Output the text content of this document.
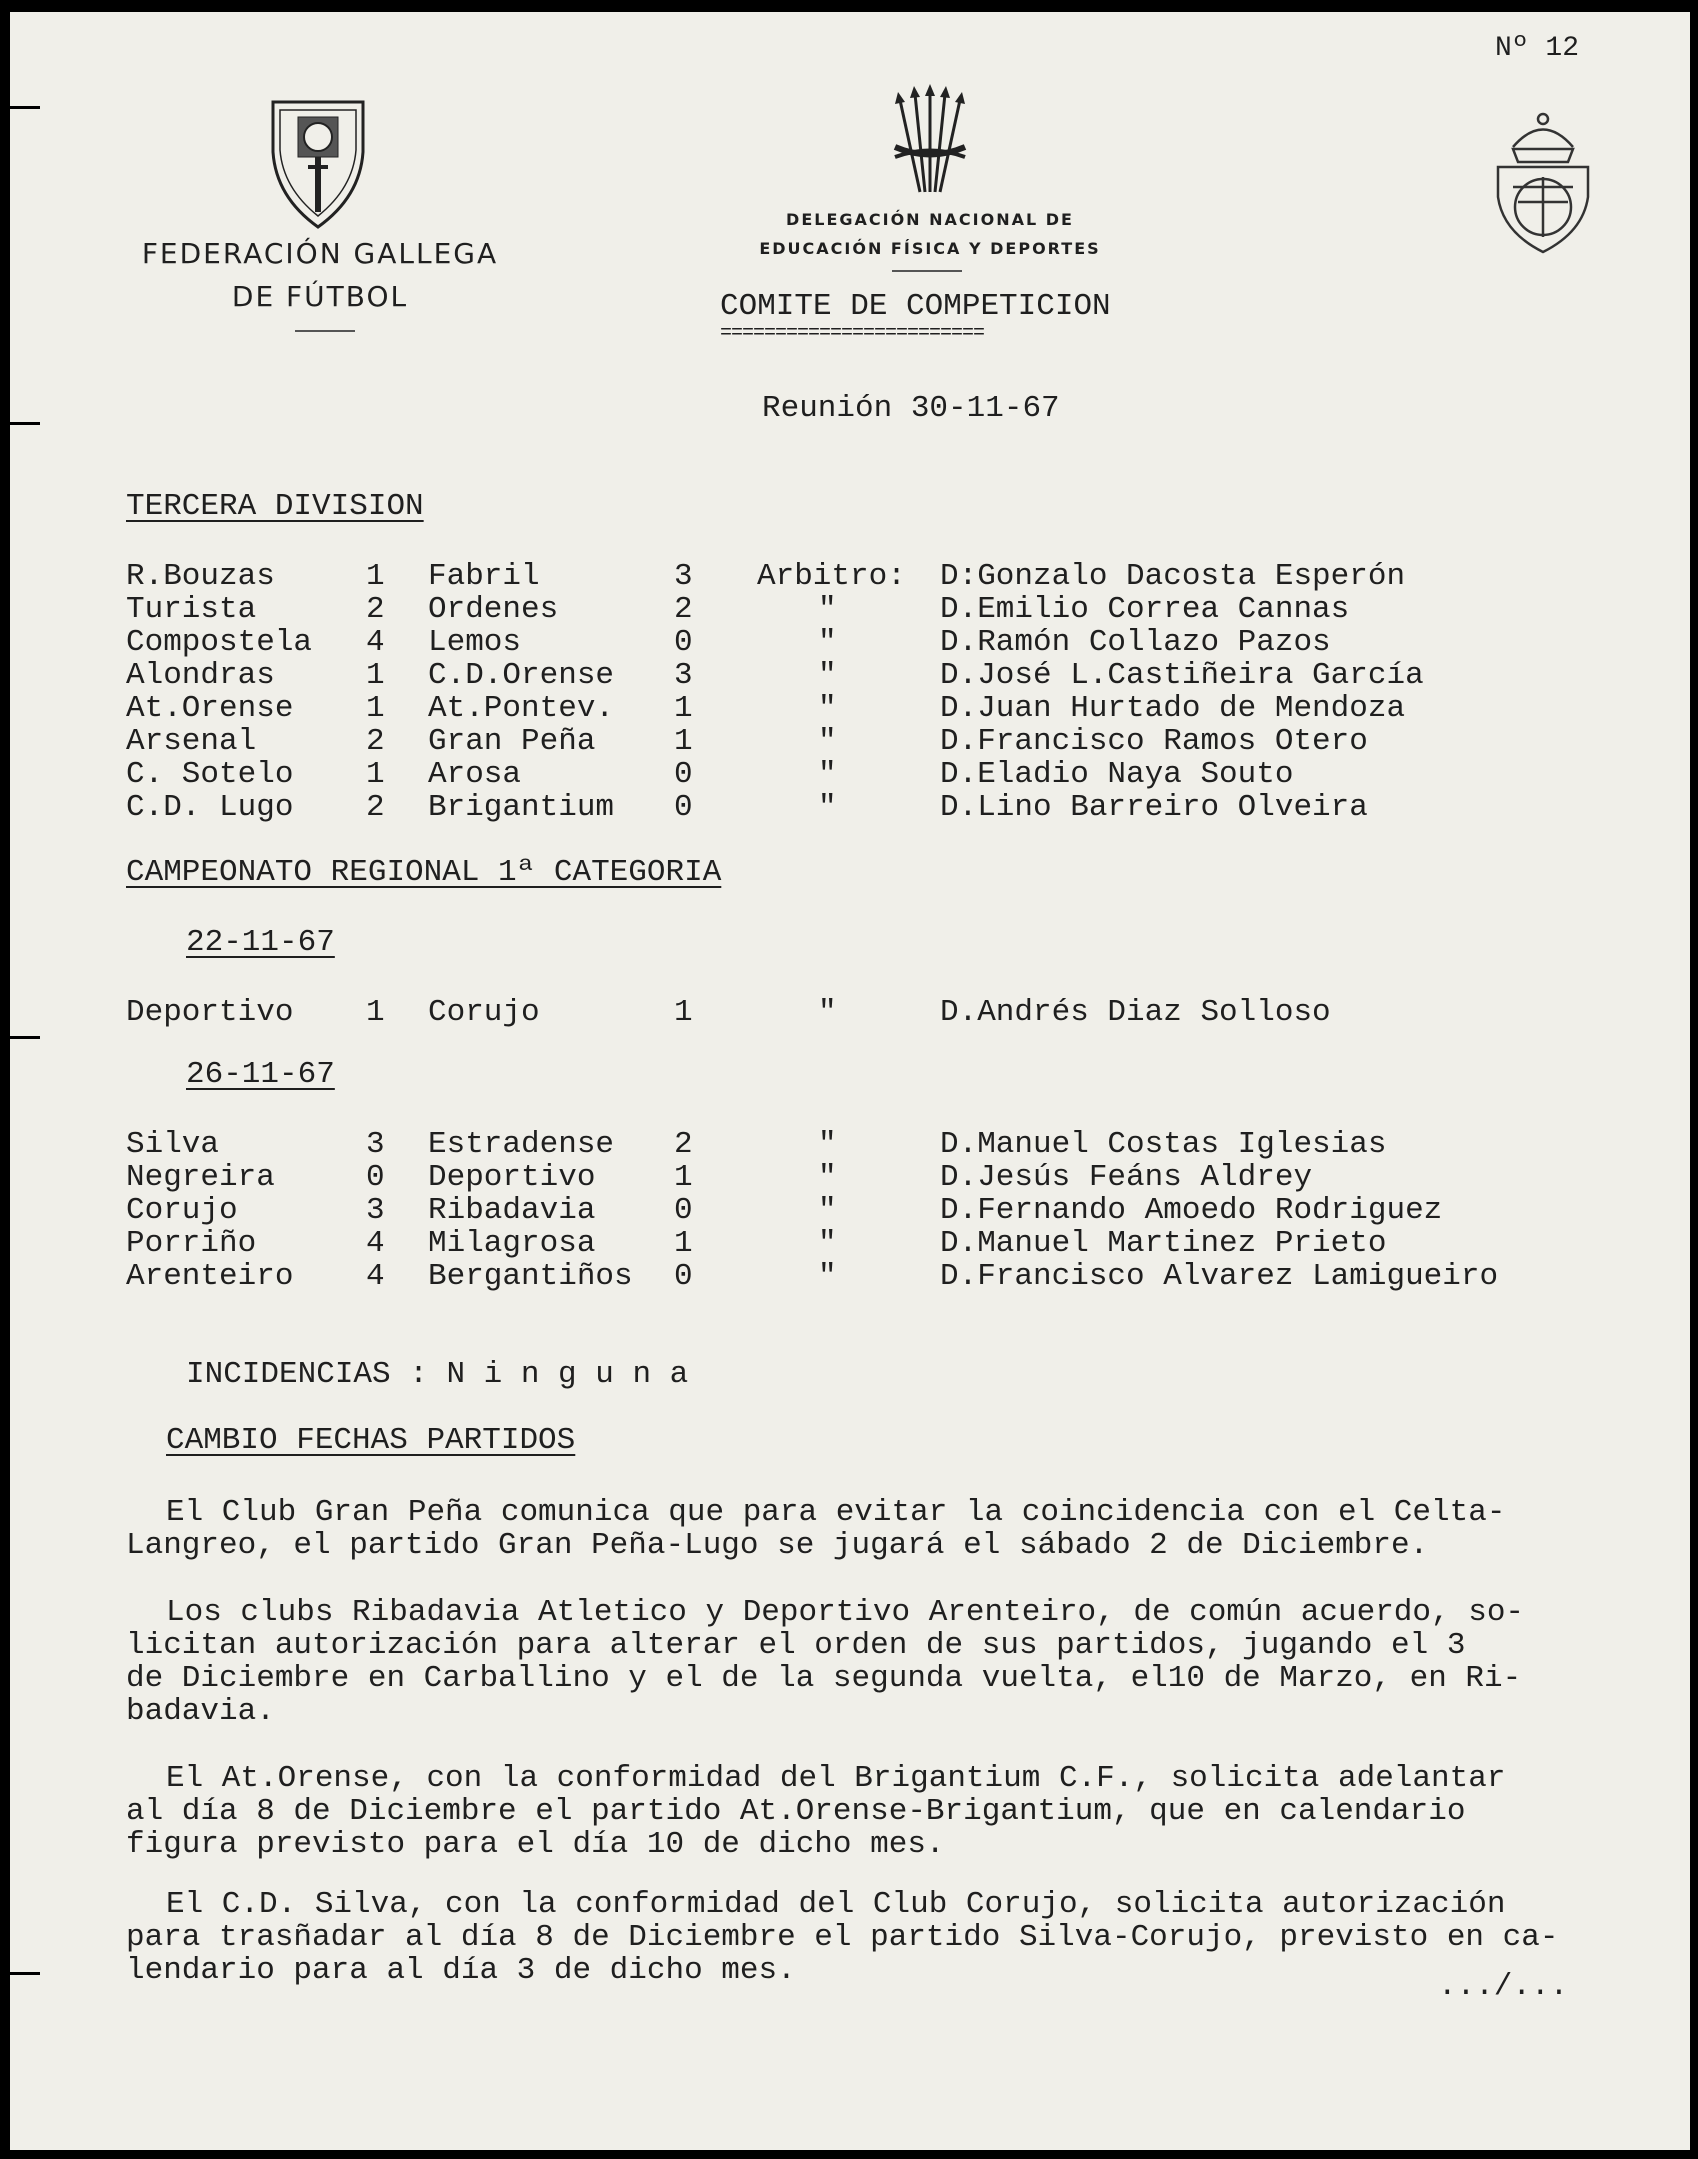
Nº 12
FEDERACIÓN GALLEGA
DE FÚTBOL
DELEGACIÓN NACIONAL DE
EDUCACIÓN FÍSICA Y DEPORTES
COMITE DE COMPETICION
========================
Reunión 30-11-67
TERCERA DIVISION
R.Bouzas	1 Fabril	3 Arbitro: D:Gonzalo Dacosta Esperón
Turista	2 Ordenes	2	"	D.Emilio Correa Cannas
Compostela 4 Lemos	0	"	D.Ramón Collazo Pazos
Alondras	1 C.D.Orense 3	"	D.José L.Castiñeira García
At.Orense 1 At.Pontev. 1	"	D.Juan Hurtado de Mendoza
Arsenal	2 Gran Peña	1	"	D.Francisco Ramos Otero
C. Sotelo 1 Arosa	0	"	D.Eladio Naya Souto
C.D. Lugo 2 Brigantium 0	"	D.Lino Barreiro Olveira
CAMPEONATO REGIONAL 1ª CATEGORIA
22-11-67
Deportivo 1 Corujo	1	"	D.Andrés Diaz Solloso
26-11-67
Silva	3 Estradense 2	"	D.Manuel Costas Iglesias
Negreira	0 Deportivo	1	"	D.Jesús Feáns Aldrey
Corujo	3 Ribadavia	0	"	D.Fernando Amoedo Rodriguez
Porriño	4 Milagrosa	1	"	D.Manuel Martinez Prieto
Arenteiro 4 Bergantiños 0	"	D.Francisco Alvarez Lamigueiro
INCIDENCIAS : N i n g u n a
CAMBIO FECHAS PARTIDOS
El Club Gran Peña comunica que para evitar la coincidencia con el Celta-
Langreo, el partido Gran Peña-Lugo se jugará el sábado 2 de Diciembre.
Los clubs Ribadavia Atletico y Deportivo Arenteiro, de común acuerdo, so-
licitan autorización para alterar el orden de sus partidos, jugando el 3
de Diciembre en Carballino y el de la segunda vuelta, el10 de Marzo, en Ri-
badavia.
El At.Orense, con la conformidad del Brigantium C.F., solicita adelantar
al día 8 de Diciembre el partido At.Orense-Brigantium, que en calendario
figura previsto para el día 10 de dicho mes.
El C.D. Silva, con la conformidad del Club Corujo, solicita autorización
para trasñadar al día 8 de Diciembre el partido Silva-Corujo, previsto en ca-
lendario para al día 3 de dicho mes.	.../...
